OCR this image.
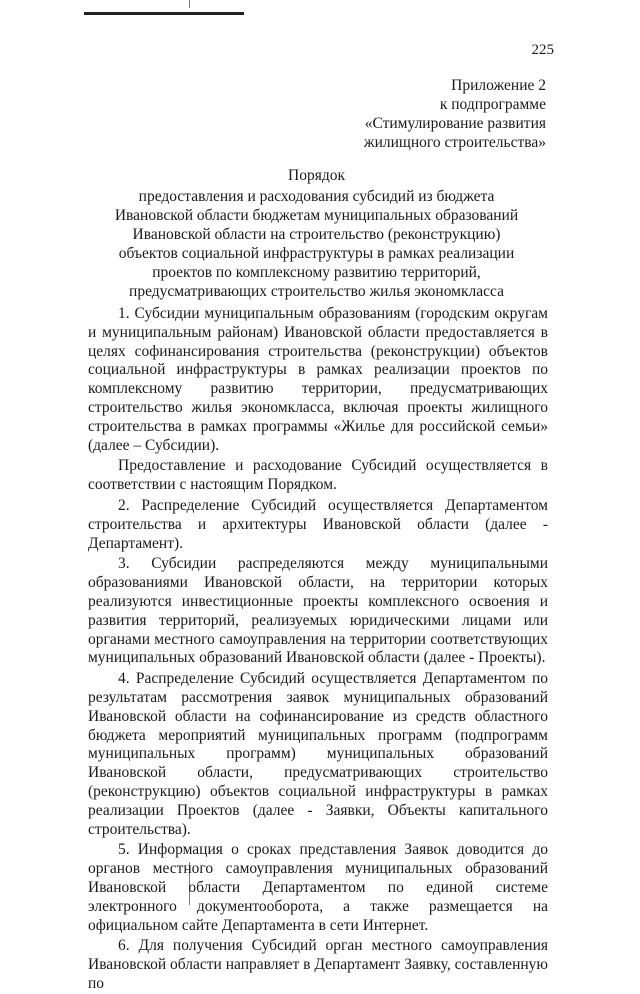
225
Приложение 2
к подпрограмме
«Стимулирование развития
жилищного строительства»
Порядок
предоставления и расходования субсидий из бюджета
Ивановской области бюджетам муниципальных образований
Ивановской области на строительство (реконструкцию)
объектов социальной инфраструктуры в рамках реализации
проектов по комплексному развитию территорий,
предусматривающих строительство жилья экономкласса

1. Субсидии муниципальным образованиям (городским округам и муниципальным районам) Ивановской области предоставляется в целях софинансирования строительства (реконструкции) объектов социальной инфраструктуры в рамках реализации проектов по комплексному развитию территории, предусматривающих строительство жилья экономкласса, включая проекты жилищного строительства в рамках программы «Жилье для российской семьи» (далее – Субсидии).

Предоставление и расходование Субсидий осуществляется в соответствии с настоящим Порядком.

2. Распределение Субсидий осуществляется Департаментом строительства и архитектуры Ивановской области (далее - Департамент).

3. Субсидии распределяются между муниципальными образованиями Ивановской области, на территории которых реализуются инвестиционные проекты комплексного освоения и развития территорий, реализуемых юридическими лицами или органами местного самоуправления на территории соответствующих муниципальных образований Ивановской области (далее - Проекты).

4. Распределение Субсидий осуществляется Департаментом по результатам рассмотрения заявок муниципальных образований Ивановской области на софинансирование из средств областного бюджета мероприятий муниципальных программ (подпрограмм муниципальных программ) муниципальных образований Ивановской области, предусматривающих строительство (реконструкцию) объектов социальной инфраструктуры в рамках реализации Проектов (далее - Заявки, Объекты капитального строительства).

5. Информация о сроках представления Заявок доводится до органов местного самоуправления муниципальных образований Ивановской области Департаментом по единой системе электронного документооборота, а также размещается на официальном сайте Департамента в сети Интернет.

6. Для получения Субсидий орган местного самоуправления Ивановской области направляет в Департамент Заявку, составленную по
